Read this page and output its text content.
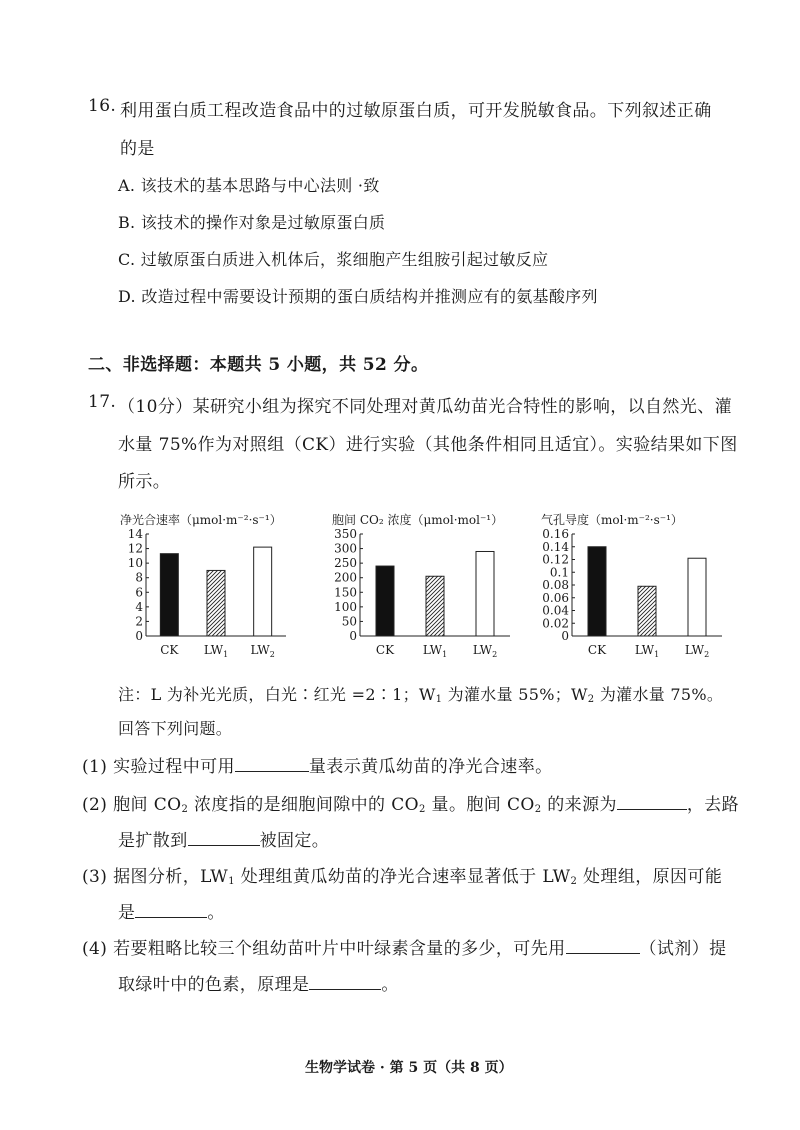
16. 利用蛋白质工程改造食品中的过敏原蛋白质，可开发脱敏食品。下列叙述正确
的是
A. 该技术的基本思路与中心法则 ·致
B. 该技术的操作对象是过敏原蛋白质
C. 过敏原蛋白质进入机体后，浆细胞产生组胺引起过敏反应
D. 改造过程中需要设计预期的蛋白质结构并推测应有的氨基酸序列
二、非选择题：本题共 5 小题，共 52 分。
17. （10分）某研究小组为探究不同处理对黄瓜幼苗光合特性的影响，以自然光、灌
水量 75%作为对照组（CK）进行实验（其他条件相同且适宜）。实验结果如下图
所示。
净光合速率（μmol·m⁻²·s⁻¹）	胞间 CO₂ 浓度（μmol·mol⁻¹）	气孔导度（mol·m⁻²·s⁻¹）
14
12
10
8
6
4
2
0
CK $LW_1$ $LW_2$
350
300
250
200
150
100
50
0
CK $LW_1$ $LW_2$
0.16
0.14
0.12
0.1
0.08
0.06
0.04
0.02
0
CK $LW_1$ $LW_2$
注：L 为补光光质，白光∶红光 =2∶1；$W_1$ 为灌水量 55%；$W_2$ 为灌水量 75%。
回答下列问题。
(1) 实验过程中可用	量表示黄瓜幼苗的净光合速率。
(2) 胞间 $CO_2$ 浓度指的是细胞间隙中的 $CO_2$ 量。胞间 $CO_2$ 的来源为	，去路
是扩散到	被固定。
(3) 据图分析，$LW_1$ 处理组黄瓜幼苗的净光合速率显著低于 $LW_2$ 处理组，原因可能
是	。
(4) 若要粗略比较三个组幼苗叶片中叶绿素含量的多少，可先用	（试剂）提
取绿叶中的色素，原理是	。
生物学试卷 · 第 5 页（共 8 页）
